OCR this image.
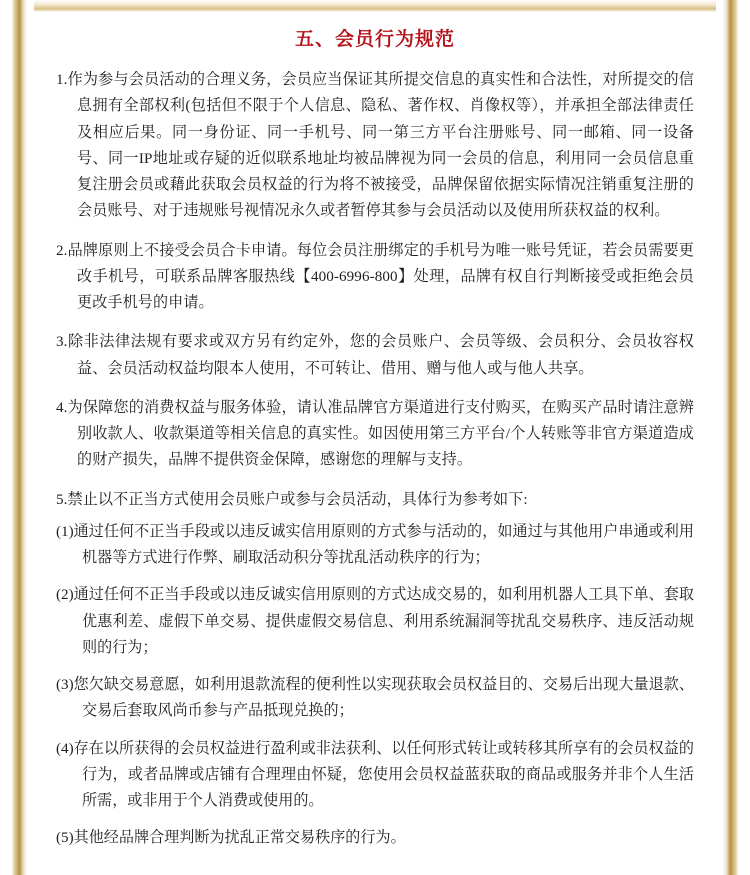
五、会员行为规范

1.作为参与会员活动的合理义务，会员应当保证其所提交信息的真实性和合法性，对所提交的信息拥有全部权利(包括但不限于个人信息、隐私、著作权、肖像权等），并承担全部法律责任及相应后果。同一身份证、同一手机号、同一第三方平台注册账号、同一邮箱、同一设备号、同一IP地址或存疑的近似联系地址均被品牌视为同一会员的信息，利用同一会员信息重复注册会员或藉此获取会员权益的行为将不被接受，品牌保留依据实际情况注销重复注册的会员账号、对于违规账号视情况永久或者暂停其参与会员活动以及使用所获权益的权利。

2.品牌原则上不接受会员合卡申请。每位会员注册绑定的手机号为唯一账号凭证，若会员需要更改手机号，可联系品牌客服热线【400-6996-800】处理，品牌有权自行判断接受或拒绝会员更改手机号的申请。

3.除非法律法规有要求或双方另有约定外，您的会员账户、会员等级、会员积分、会员妆容权益、会员活动权益均限本人使用，不可转让、借用、赠与他人或与他人共享。

4.为保障您的消费权益与服务体验，请认准品牌官方渠道进行支付购买，在购买产品时请注意辨别收款人、收款渠道等相关信息的真实性。如因使用第三方平台/个人转账等非官方渠道造成的财产损失，品牌不提供资金保障，感谢您的理解与支持。

5.禁止以不正当方式使用会员账户或参与会员活动，具体行为参考如下:

(1)通过任何不正当手段或以违反诚实信用原则的方式参与活动的，如通过与其他用户串通或利用机器等方式进行作弊、刷取活动积分等扰乱活动秩序的行为；

(2)通过任何不正当手段或以违反诚实信用原则的方式达成交易的，如利用机器人工具下单、套取优惠利差、虚假下单交易、提供虚假交易信息、利用系统漏洞等扰乱交易秩序、违反活动规则的行为；

(3)您欠缺交易意愿，如利用退款流程的便利性以实现获取会员权益目的、交易后出现大量退款、交易后套取风尚币参与产品抵现兑换的；

(4)存在以所获得的会员权益进行盈利或非法获利、以任何形式转让或转移其所享有的会员权益的行为，或者品牌或店铺有合理理由怀疑，您使用会员权益蓝获取的商品或服务并非个人生活所需，或非用于个人消费或使用的。

(5)其他经品牌合理判断为扰乱正常交易秩序的行为。
